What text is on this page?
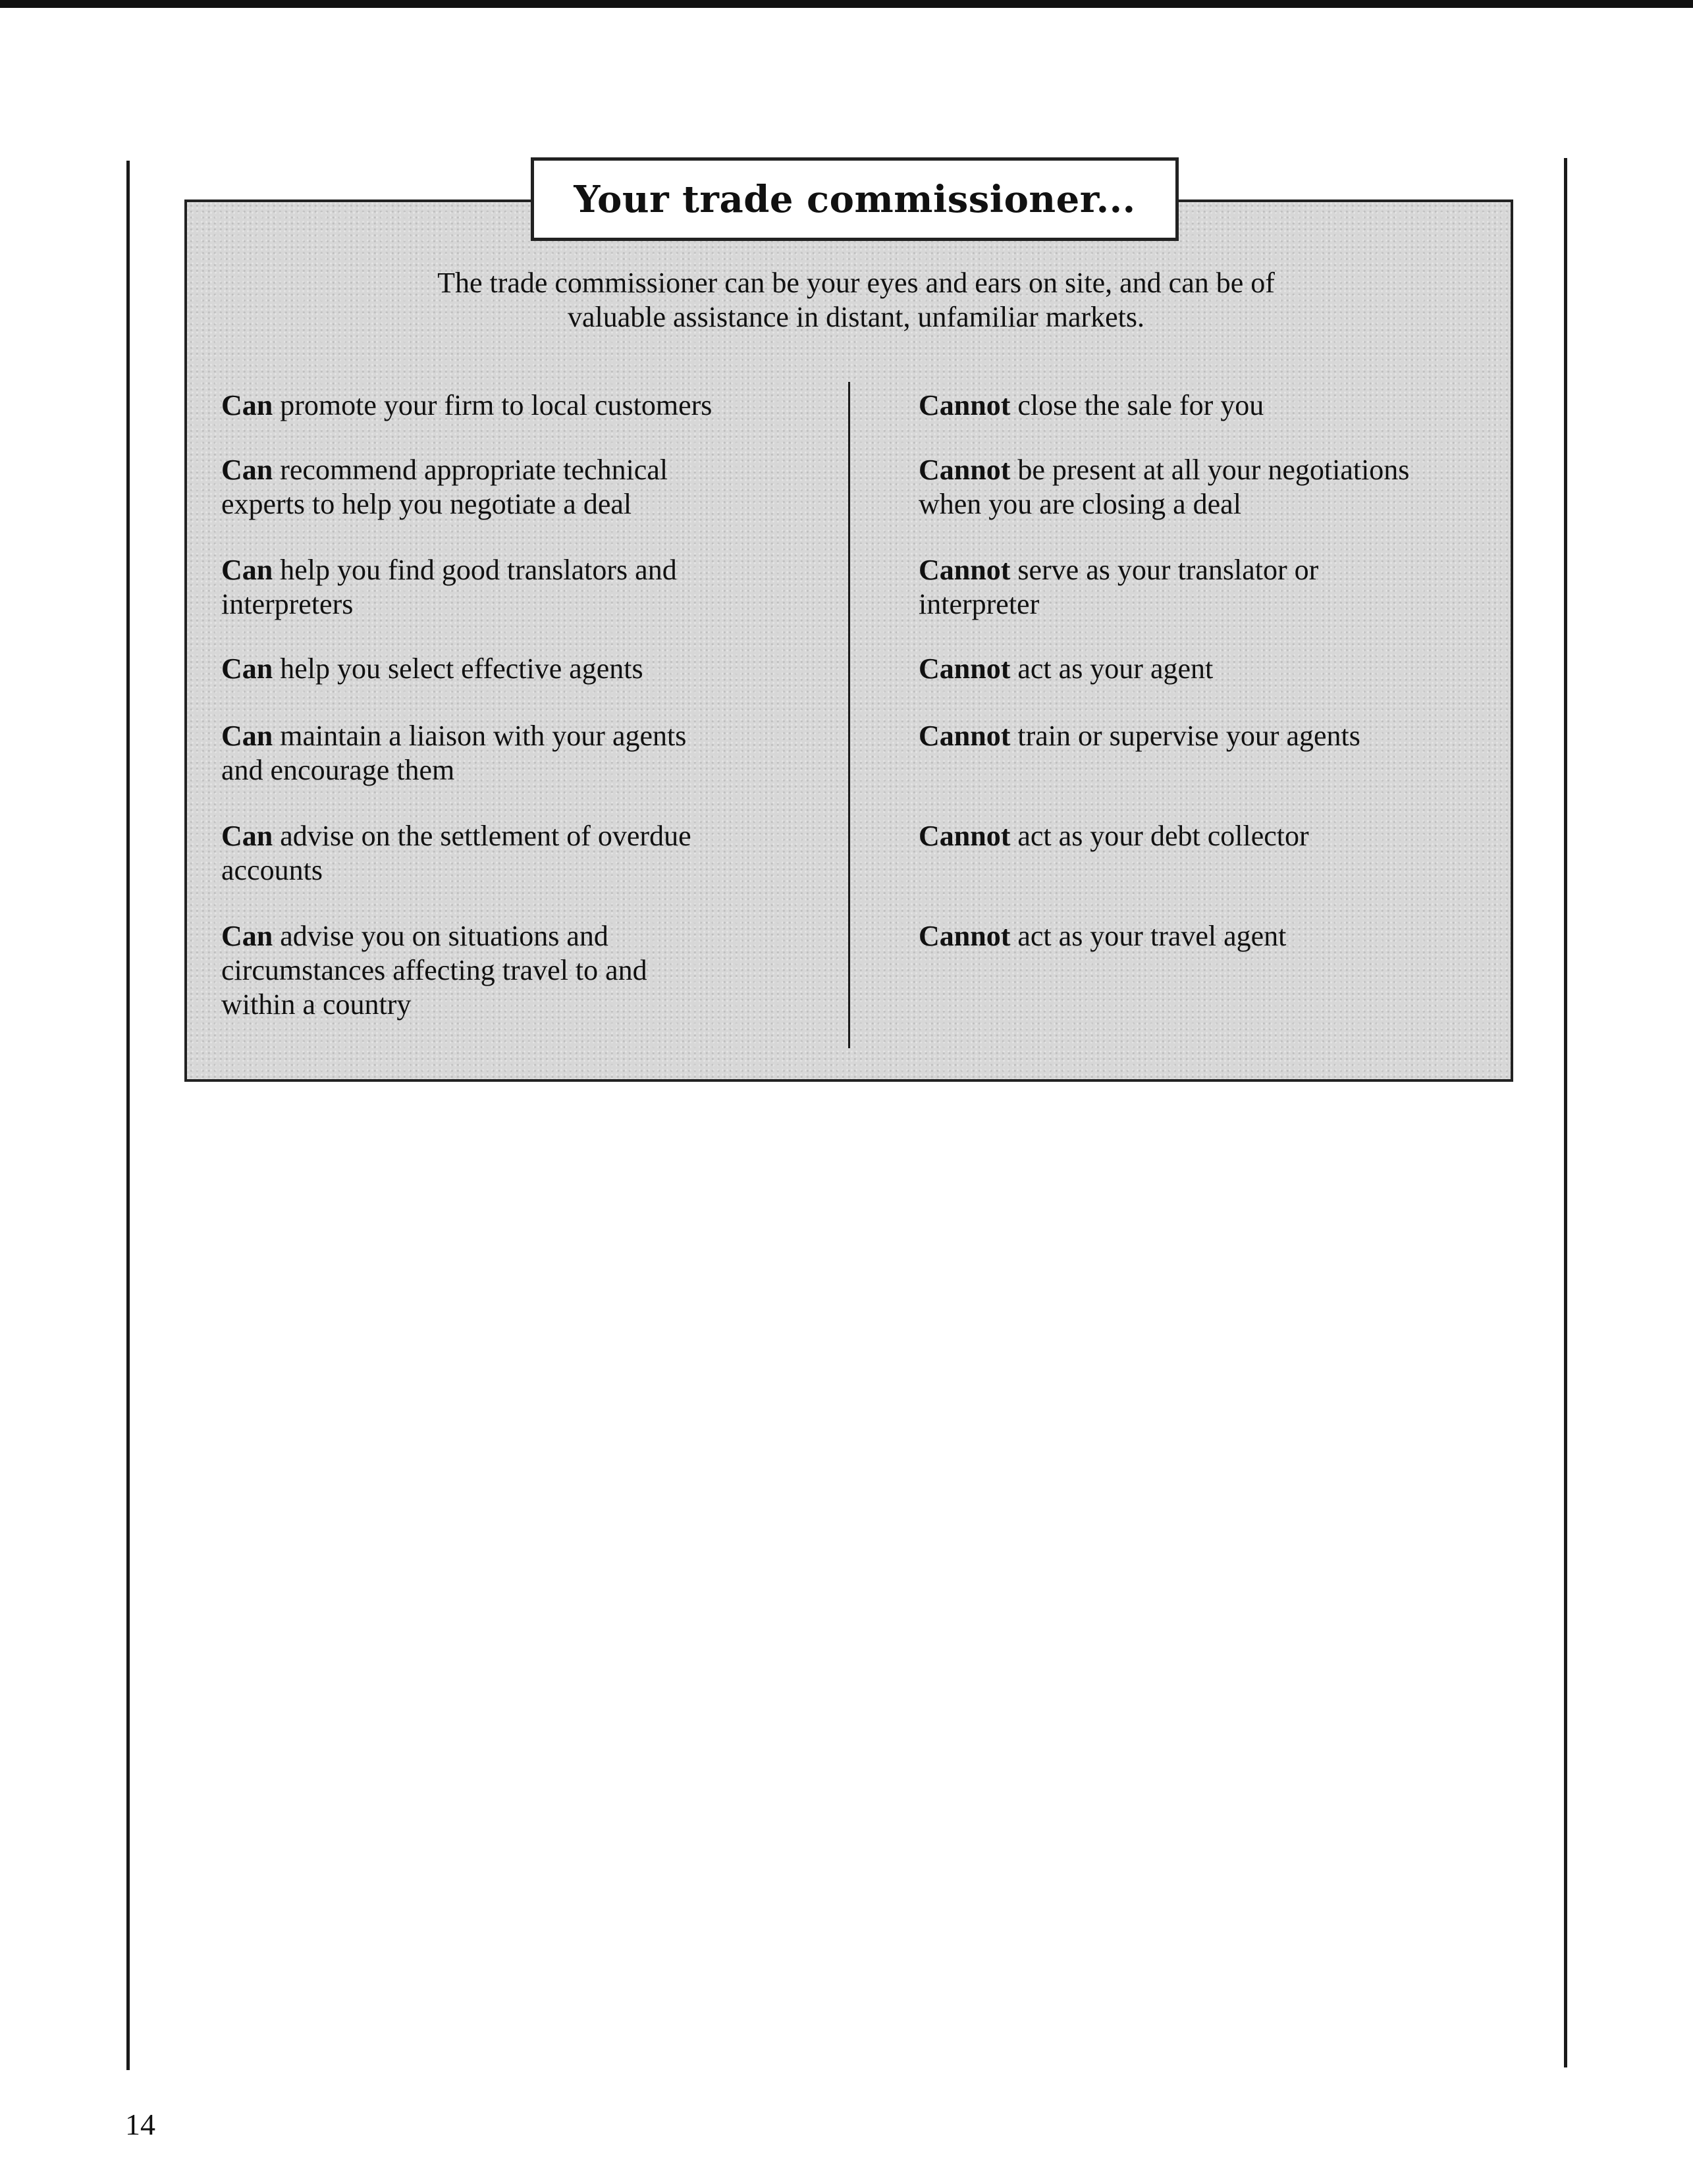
Your trade commissioner...
The trade commissioner can be your eyes and ears on site, and can be of
valuable assistance in distant, unfamiliar markets.
Can promote your firm to local customers
Can recommend appropriate technical
experts to help you negotiate a deal
Can help you find good translators and
interpreters
Can help you select effective agents
Can maintain a liaison with your agents
and encourage them
Can advise on the settlement of overdue
accounts
Can advise you on situations and
circumstances affecting travel to and
within a country
Cannot close the sale for you
Cannot be present at all your negotiations
when you are closing a deal
Cannot serve as your translator or
interpreter
Cannot act as your agent
Cannot train or supervise your agents
Cannot act as your debt collector
Cannot act as your travel agent
14
